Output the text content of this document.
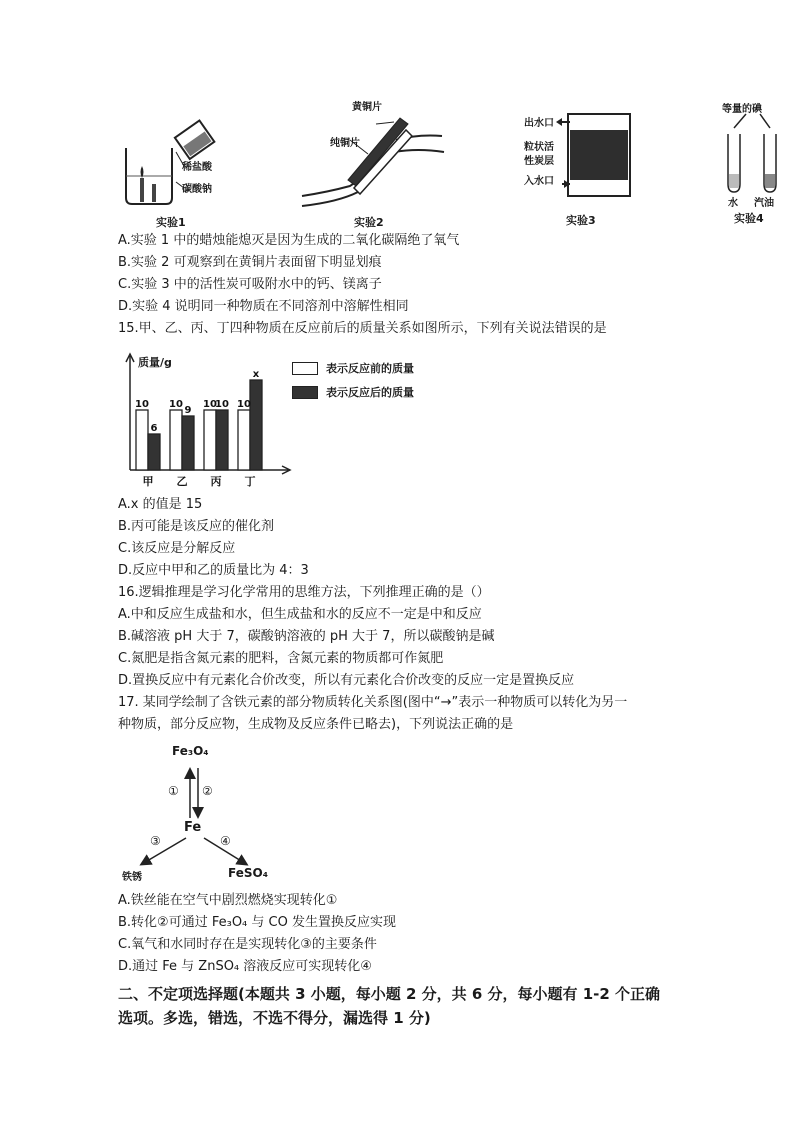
稀盐酸
碳酸钠
实验1
黄铜片
纯铜片
实验2
出水口
粒状活
性炭层
入水口
实验3
等量的碘
水 汽油
实验4
A.实验 1 中的蜡烛能熄灭是因为生成的二氧化碳隔绝了氧气
B.实验 2 可观察到在黄铜片表面留下明显划痕
C.实验 3 中的活性炭可吸附水中的钙、镁离子
D.实验 4 说明同一种物质在不同溶剂中溶解性相同
15.甲、乙、丙、丁四种物质在反应前后的质量关系如图所示，下列有关说法错误的是
10
6
甲
10
9
乙
10
10
丙
10
x
丁
质量/g	表示反应前的质量
表示反应后的质量
A.x 的值是 15
B.丙可能是该反应的催化剂
C.该反应是分解反应
D.反应中甲和乙的质量比为 4：3
16.逻辑推理是学习化学常用的思维方法，下列推理正确的是（）
A.中和反应生成盐和水，但生成盐和水的反应不一定是中和反应
B.碱溶液 pH 大于 7，碳酸钠溶液的 pH 大于 7，所以碳酸钠是碱
C.氮肥是指含氮元素的肥料，含氮元素的物质都可作氮肥
D.置换反应中有元素化合价改变，所以有元素化合价改变的反应一定是置换反应
17. 某同学绘制了含铁元素的部分物质转化关系图(图中“→”表示一种物质可以转化为另一
种物质，部分反应物，生成物及反应条件已略去)，下列说法正确的是
Fe₃O₄
Fe
铁锈	FeSO₄
① ②
③	④
A.铁丝能在空气中剧烈燃烧实现转化①
B.转化②可通过 Fe₃O₄ 与 CO 发生置换反应实现
C.氧气和水同时存在是实现转化③的主要条件
D.通过 Fe 与 ZnSO₄ 溶液反应可实现转化④
二、不定项选择题(本题共 3 小题，每小题 2 分，共 6 分，每小题有 1-2 个正确
选项。多选，错选，不选不得分，漏选得 1 分)
